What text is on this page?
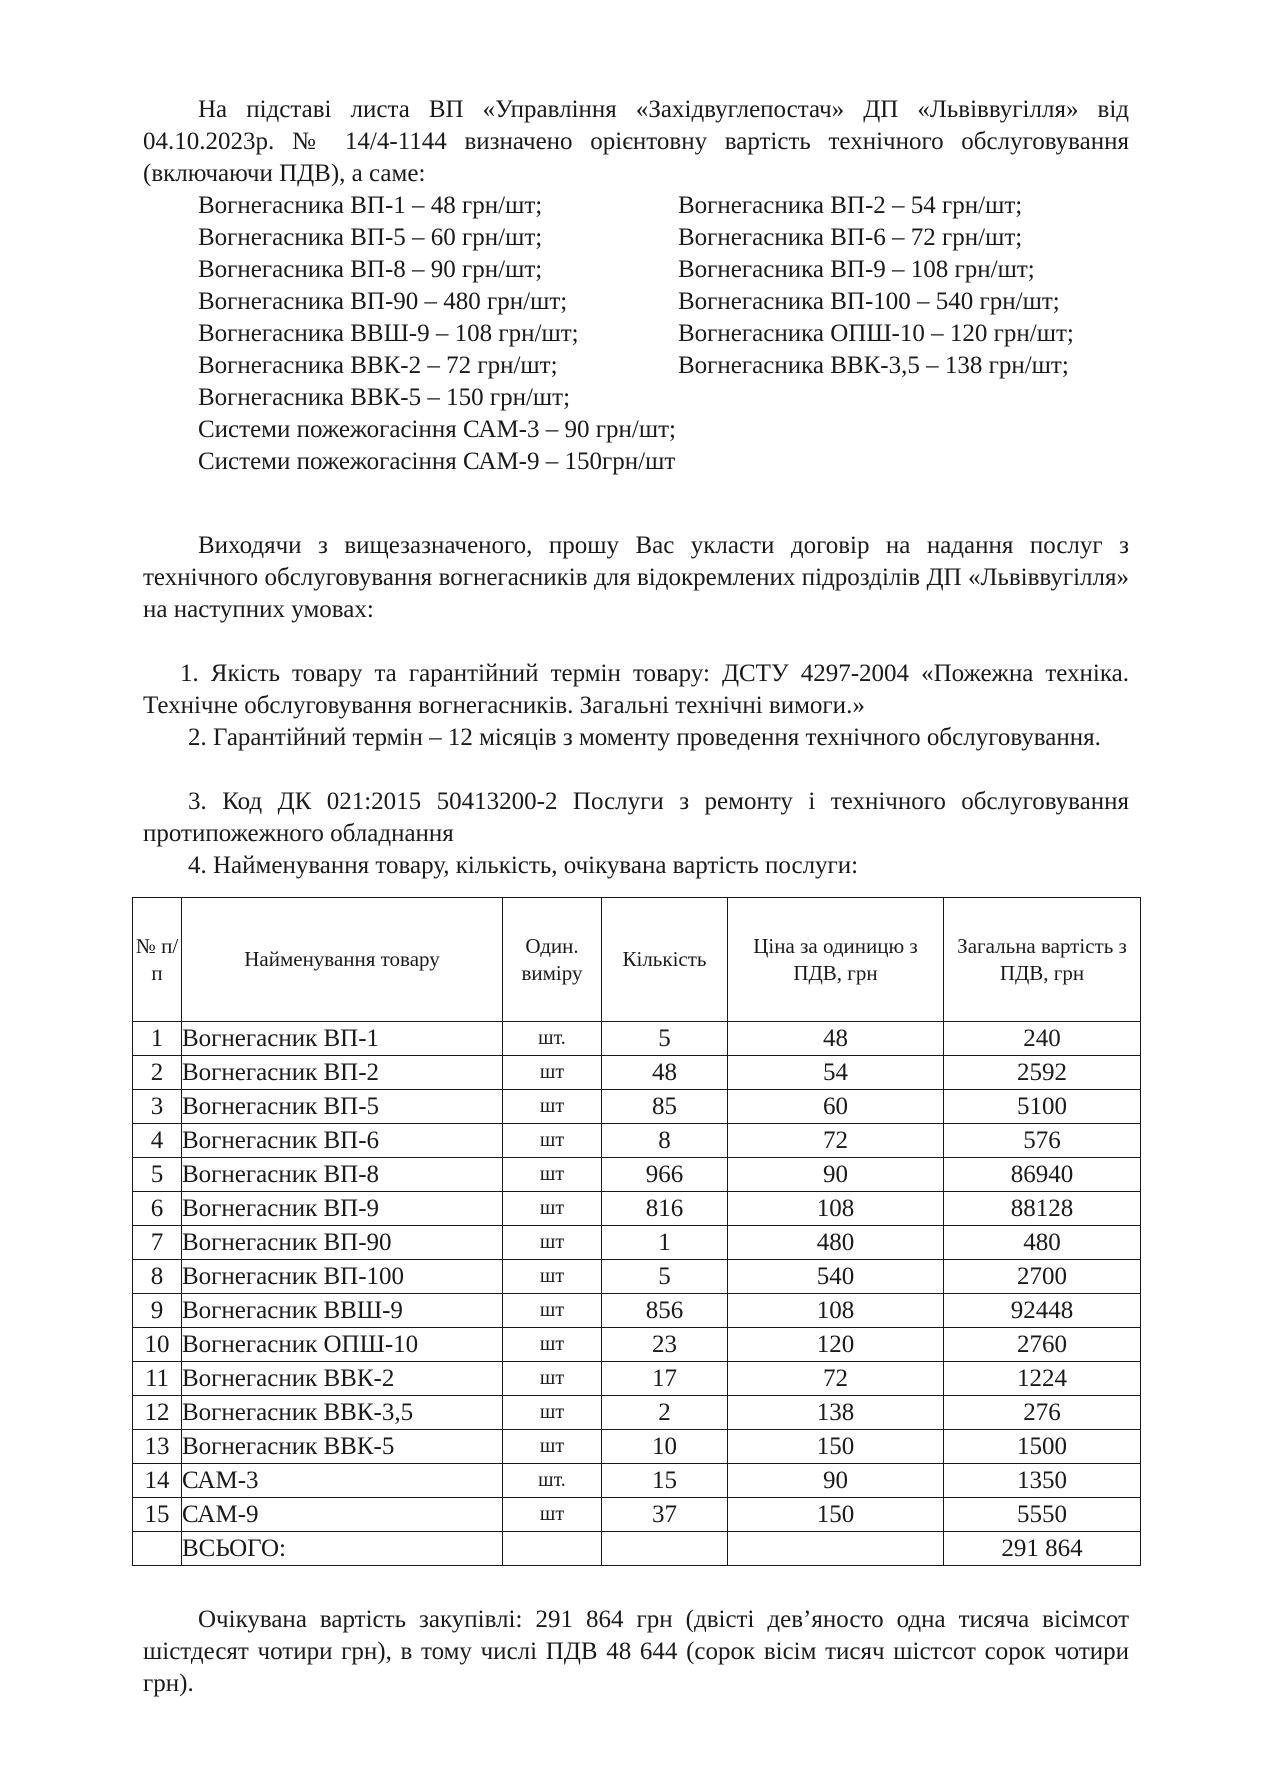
На підставі листа ВП «Управління «Західвуглепостач» ДП «Львіввугілля» від 04.10.2023р. № 14/4-1144 визначено орієнтовну вартість технічного обслуговування (включаючи ПДВ), а саме:

Вогнегасника ВП-1 – 48 грн/шт;	Вогнегасника ВП-2 – 54 грн/шт;
Вогнегасника ВП-5 – 60 грн/шт;	Вогнегасника ВП-6 – 72 грн/шт;
Вогнегасника ВП-8 – 90 грн/шт;	Вогнегасника ВП-9 – 108 грн/шт;
Вогнегасника ВП-90 – 480 грн/шт;	Вогнегасника ВП-100 – 540 грн/шт;
Вогнегасника ВВШ-9 – 108 грн/шт;	Вогнегасника ОПШ-10 – 120 грн/шт;
Вогнегасника ВВК-2 – 72 грн/шт;	Вогнегасника ВВК-3,5 – 138 грн/шт;
Вогнегасника ВВК-5 – 150 грн/шт;
Системи пожежогасіння САМ-3 – 90 грн/шт;
Системи пожежогасіння САМ-9 – 150грн/шт

Виходячи з вищезазначеного, прошу Вас укласти договір на надання послуг з технічного обслуговування вогнегасників для відокремлених підрозділів ДП «Львіввугілля» на наступних умовах:

1. Якість товару та гарантійний термін товару: ДСТУ 4297-2004 «Пожежна техніка. Технічне обслуговування вогнегасників. Загальні технічні вимоги.»

2. Гарантійний термін – 12 місяців з моменту проведення технічного обслуговування.

3. Код ДК 021:2015 50413200-2 Послуги з ремонту і технічного обслуговування протипожежного обладнання

4. Найменування товару, кількість, очікувана вартість послуги:

№ п/п	Найменування товару	Один. виміру	Кількість	Ціна за одиницю з ПДВ, грн	Загальна вартість з ПДВ, грн
1	Вогнегасник ВП-1	шт.	5	48	240
2	Вогнегасник ВП-2	шт	48	54	2592
3	Вогнегасник ВП-5	шт	85	60	5100
4	Вогнегасник ВП-6	шт	8	72	576
5	Вогнегасник ВП-8	шт	966	90	86940
6	Вогнегасник ВП-9	шт	816	108	88128
7	Вогнегасник ВП-90	шт	1	480	480
8	Вогнегасник ВП-100	шт	5	540	2700
9	Вогнегасник ВВШ-9	шт	856	108	92448
10	Вогнегасник ОПШ-10	шт	23	120	2760
11	Вогнегасник ВВК-2	шт	17	72	1224
12	Вогнегасник ВВК-3,5	шт	2	138	276
13	Вогнегасник ВВК-5	шт	10	150	1500
14	САМ-3	шт.	15	90	1350
15	САМ-9	шт	37	150	5550
	ВСЬОГО:				291 864

Очікувана вартість закупівлі: 291 864 грн (двісті дев’яносто одна тисяча вісімсот шістдесят чотири грн), в тому числі ПДВ 48 644 (сорок вісім тисяч шістсот сорок чотири грн).
